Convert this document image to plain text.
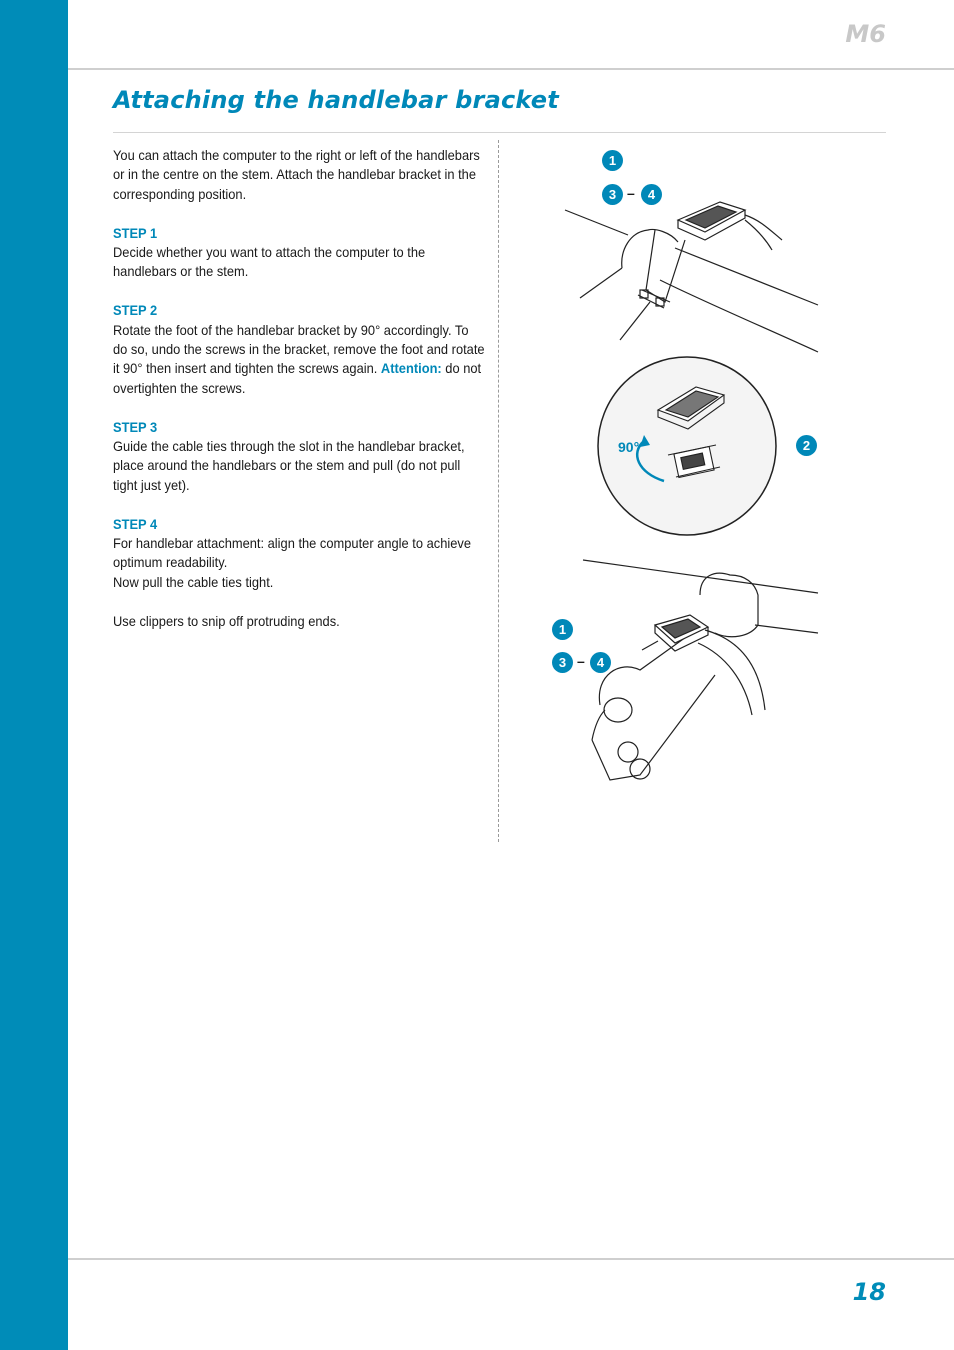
M6
Attaching the handlebar bracket

You can attach the computer to the right or left of the handlebars or in the centre on the stem. Attach the handlebar bracket in the corresponding position.

STEP 1
Decide whether you want to attach the computer to the handlebars or the stem.

STEP 2
Rotate the foot of the handlebar bracket by 90° accordingly. To do so, undo the screws in the bracket, remove the foot and rotate it 90° then insert and tighten the screws again. Attention: do not overtighten the screws.

STEP 3
Guide the cable ties through the slot in the handlebar bracket, place around the handlebars or the stem and pull (do not pull tight just yet).

STEP 4
For handlebar attachment: align the computer angle to achieve optimum readability.
Now pull the cable ties tight.

Use clippers to snip off protruding ends.

1
3 –	4
90°	2
1
3 – 4
18
